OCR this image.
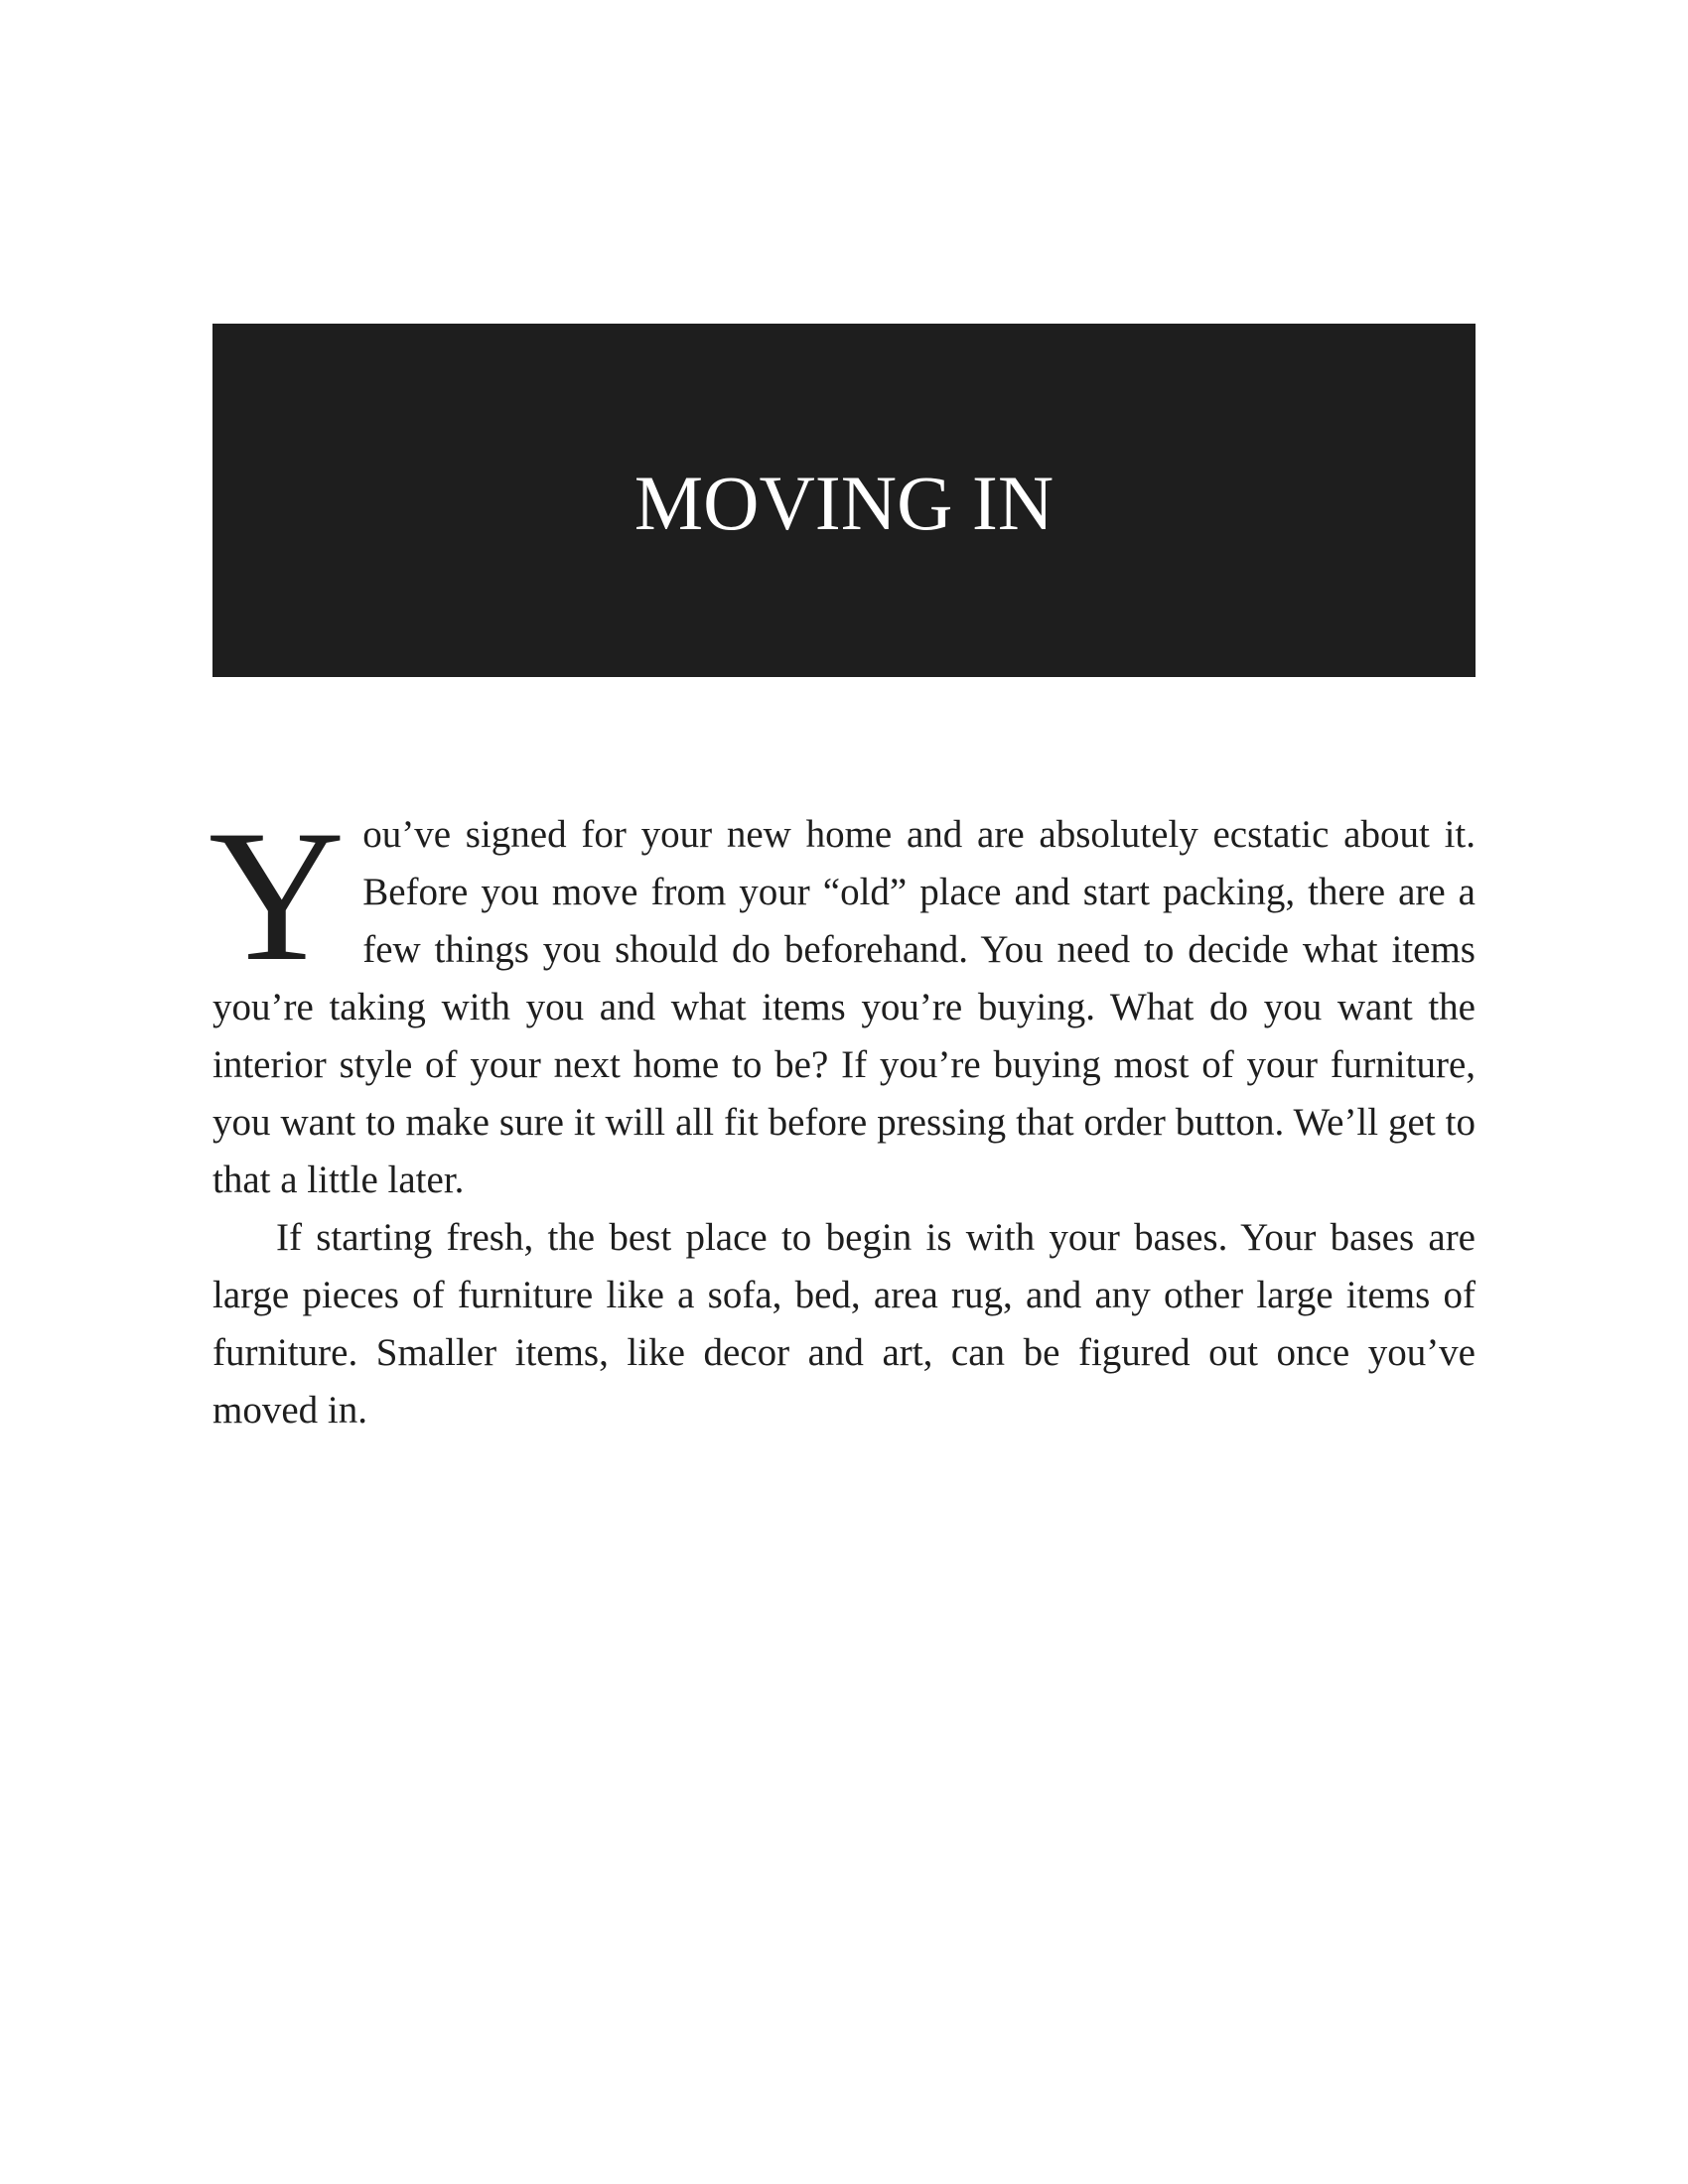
MOVING IN

Y ou’ve signed for your new home and are absolutely ecstatic about it. Before you move from your “old” place and start packing, there are a few things you should do beforehand. You need to decide what items you’re taking with you and what items you’re buying. What do you want the interior style of your next home to be? If you’re buying most of your furniture, you want to make sure it will all fit before pressing that order button. We’ll get to that a little later.

If starting fresh, the best place to begin is with your bases. Your bases are large pieces of furniture like a sofa, bed, area rug, and any other large items of furniture. Smaller items, like decor and art, can be figured out once you’ve moved in.
